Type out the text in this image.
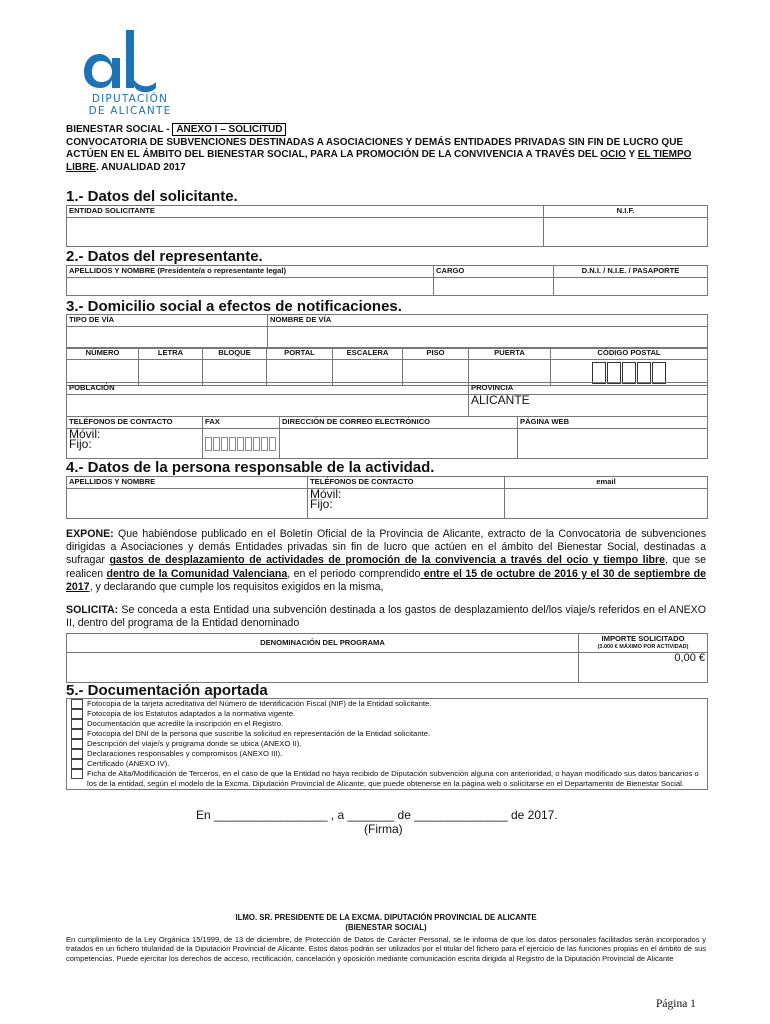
DIPUTACIÓN
DE ALICANTE
BIENESTAR SOCIAL - ANEXO I – SOLICITUD
CONVOCATORIA DE SUBVENCIONES DESTINADAS A ASOCIACIONES Y DEMÁS ENTIDADES PRIVADAS SIN FIN DE LUCRO QUE ACTÚEN EN EL ÁMBITO DEL BIENESTAR SOCIAL, PARA LA PROMOCIÓN DE LA CONVIVENCIA A TRAVÉS DEL OCIO Y EL TIEMPO LIBRE. ANUALIDAD 2017
1.- Datos del solicitante.
ENTIDAD SOLICITANTE	N.I.F.

2.- Datos del representante.
APELLIDOS Y NOMBRE (Presidente/a o representante legal)	CARGO	D.N.I. / N.I.E. / PASAPORTE

3.- Domicilio social a efectos de notificaciones.
TIPO DE VÍA	NOMBRE DE VÍA

NÚMERO	LETRA	BLOQUE	PORTAL	ESCALERA	PISO	PUERTA	CÓDIGO POSTAL

POBLACIÓN	PROVINCIA
	ALICANTE
TELÉFONOS DE CONTACTO	FAX	DIRECCIÓN DE CORREO ELECTRÓNICO	PÁGINA WEB

Móvil:
Fijo:			

4.- Datos de la persona responsable de la actividad.
APELLIDOS Y NOMBRE	TELÉFONOS DE CONTACTO	email

	Móvil:
Fijo:	

EXPONE: Que habiéndose publicado en el Boletín Oficial de la Provincia de Alicante, extracto de la Convocatoria de subvenciones dirigidas a Asociaciones y demás Entidades privadas sin fin de lucro que actúen en el ámbito del Bienestar Social, destinadas a sufragar gastos de desplazamiento de actividades de promoción de la convivencia a través del ocio y tiempo libre, que se realicen dentro de la Comunidad Valenciana, en el periodo comprendido entre el 15 de octubre de 2016 y el 30 de septiembre de 2017, y declarando que cumple los requisitos exigidos en la misma,
SOLICITA: Se conceda a esta Entidad una subvención destinada a los gastos de desplazamiento del/los viaje/s referidos en el ANEXO II, dentro del programa de la Entidad denominado
DENOMINACIÓN DEL PROGRAMA	IMPORTE SOLICITADO
(3.000 € MÁXIMO POR ACTIVIDAD)

	0,00 €
5.- Documentación aportada
Fotocopia de la tarjeta acreditativa del Número de Identificación Fiscal (NIF) de la Entidad solicitante.
Fotocopia de los Estatutos adaptados a la normativa vigente.
Documentación que acredite la inscripción en el Registro.
Fotocopia del DNI de la persona que suscribe la solicitud en representación de la Entidad solicitante.
Descripción del viaje/s y programa donde se ubica (ANEXO II).
Declaraciones responsables y compromisos (ANEXO III).
Certificado (ANEXO IV).
Ficha de Alta/Modificación de Terceros, en el caso de que la Entidad no haya recibido de Diputación subvención alguna con anterioridad, o hayan modificado sus datos bancarios o los de la entidad, según el modelo de la Excma. Diputación Provincial de Alicante, que puede obtenerse en la página web o solicitarse en el Departamento de Bienestar Social.
En _________________ , a _______ de ______________ de 2017.
(Firma)
ILMO. SR. PRESIDENTE DE LA EXCMA. DIPUTACIÓN PROVINCIAL DE ALICANTE
(BIENESTAR SOCIAL)
En cumplimiento de la Ley Orgánica 15/1999, de 13 de diciembre, de Protección de Datos de Carácter Personal, se le informa de que los datos personales facilitados serán incorporados y tratados en un fichero titularidad de la Diputación Provincial de Alicante. Estos datos podrán ser utilizados por el titular del fichero para el ejercicio de las funciones propias en el ámbito de sus competencias. Puede ejercitar los derechos de acceso, rectificación, cancelación y oposición mediante comunicación escrita dirigida al Registro de la Diputación Provincial de Alicante
Página 1
